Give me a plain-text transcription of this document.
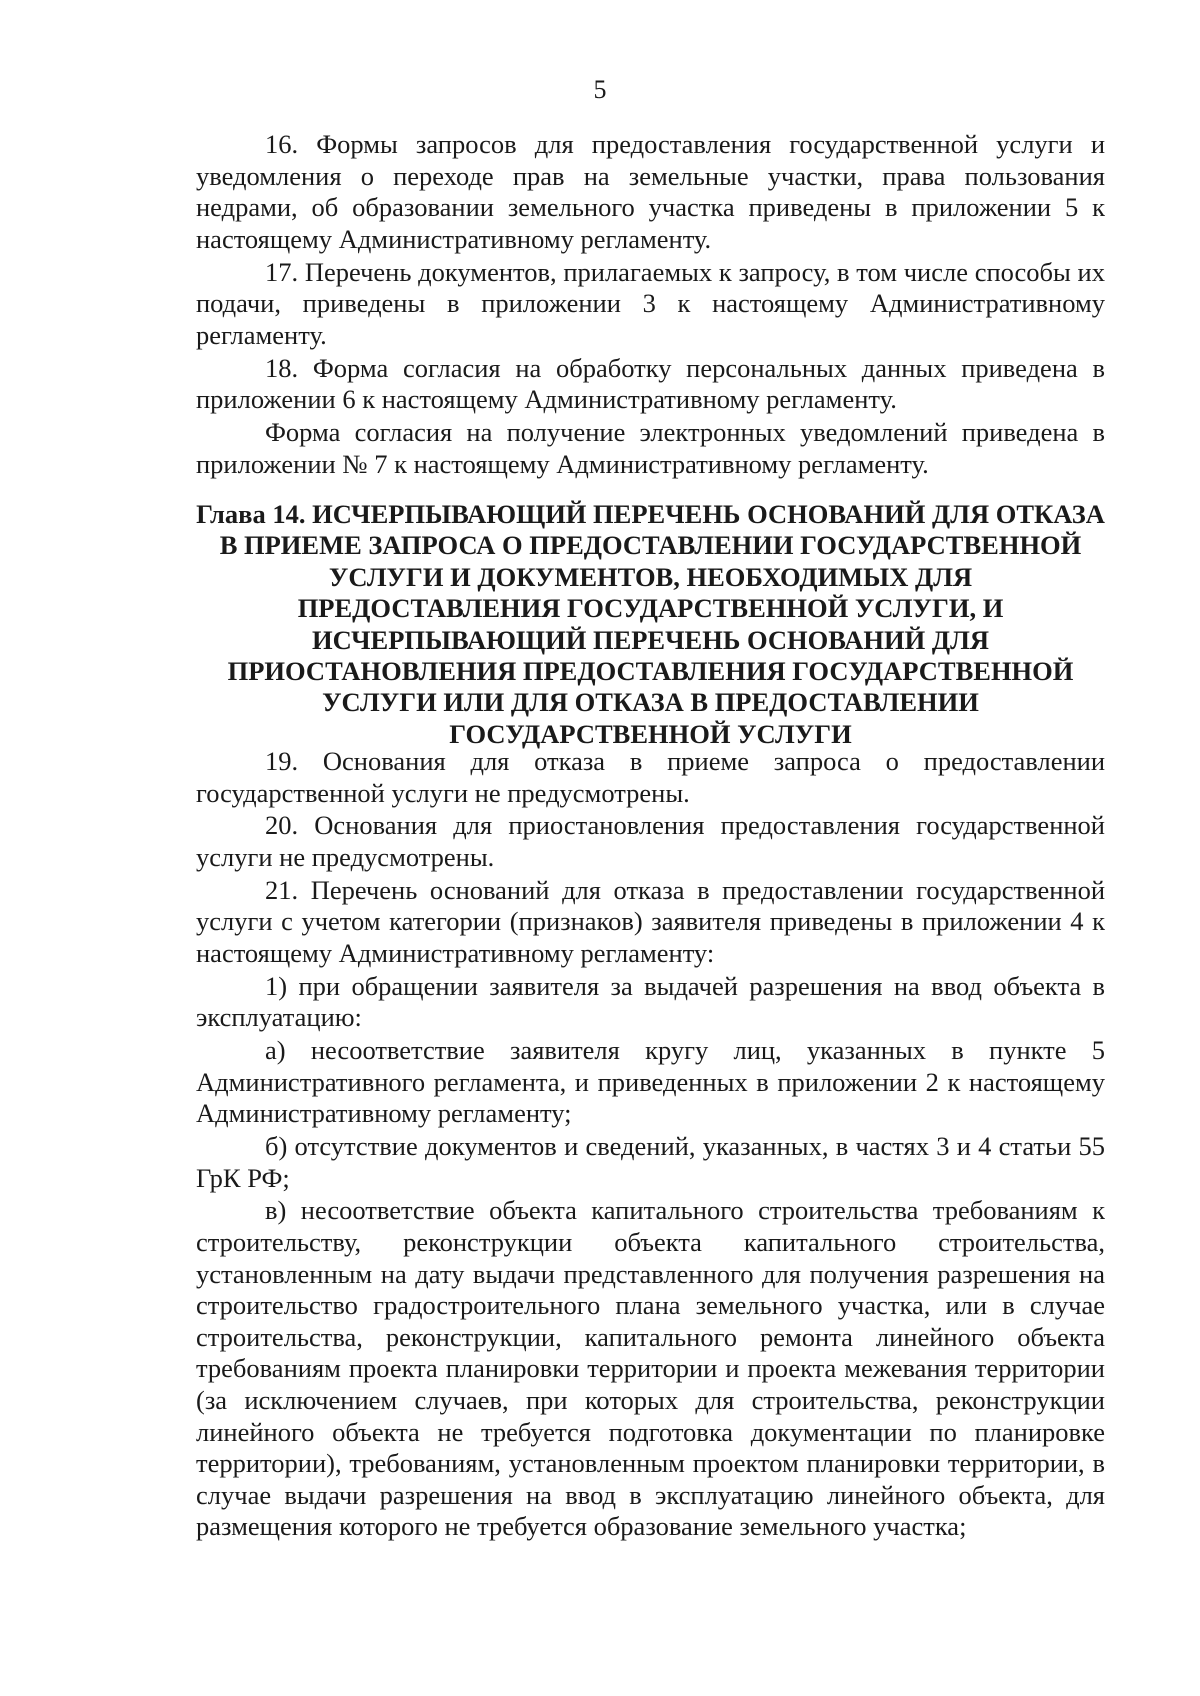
5

16. Формы запросов для предоставления государственной услуги и уведомления о переходе прав на земельные участки, права пользования недрами, об образовании земельного участка приведены в приложении 5 к настоящему Административному регламенту.

17. Перечень документов, прилагаемых к запросу, в том числе способы их подачи, приведены в приложении 3 к настоящему Административному регламенту.

18. Форма согласия на обработку персональных данных приведена в приложении 6 к настоящему Административному регламенту.

Форма согласия на получение электронных уведомлений приведена в приложении № 7 к настоящему Административному регламенту.

Глава 14. ИСЧЕРПЫВАЮЩИЙ ПЕРЕЧЕНЬ ОСНОВАНИЙ ДЛЯ ОТКАЗА В ПРИЕМЕ ЗАПРОСА О ПРЕДОСТАВЛЕНИИ ГОСУДАРСТВЕННОЙ УСЛУГИ И ДОКУМЕНТОВ, НЕОБХОДИМЫХ ДЛЯ ПРЕДОСТАВЛЕНИЯ ГОСУДАРСТВЕННОЙ УСЛУГИ, И ИСЧЕРПЫВАЮЩИЙ ПЕРЕЧЕНЬ ОСНОВАНИЙ ДЛЯ ПРИОСТАНОВЛЕНИЯ ПРЕДОСТАВЛЕНИЯ ГОСУДАРСТВЕННОЙ УСЛУГИ ИЛИ ДЛЯ ОТКАЗА В ПРЕДОСТАВЛЕНИИ ГОСУДАРСТВЕННОЙ УСЛУГИ

19. Основания для отказа в приеме запроса о предоставлении государственной услуги не предусмотрены.

20. Основания для приостановления предоставления государственной услуги не предусмотрены.

21. Перечень оснований для отказа в предоставлении государственной услуги с учетом категории (признаков) заявителя приведены в приложении 4 к настоящему Административному регламенту:

1) при обращении заявителя за выдачей разрешения на ввод объекта в эксплуатацию:

а) несоответствие заявителя кругу лиц, указанных в пункте 5 Административного регламента, и приведенных в приложении 2 к настоящему Административному регламенту;

б) отсутствие документов и сведений, указанных, в частях 3 и 4 статьи 55 ГрК РФ;

в) несоответствие объекта капитального строительства требованиям к строительству, реконструкции объекта капитального строительства, установленным на дату выдачи представленного для получения разрешения на строительство градостроительного плана земельного участка, или в случае строительства, реконструкции, капитального ремонта линейного объекта требованиям проекта планировки территории и проекта межевания территории (за исключением случаев, при которых для строительства, реконструкции линейного объекта не требуется подготовка документации по планировке территории), требованиям, установленным проектом планировки территории, в случае выдачи разрешения на ввод в эксплуатацию линейного объекта, для размещения которого не требуется образование земельного участка;
